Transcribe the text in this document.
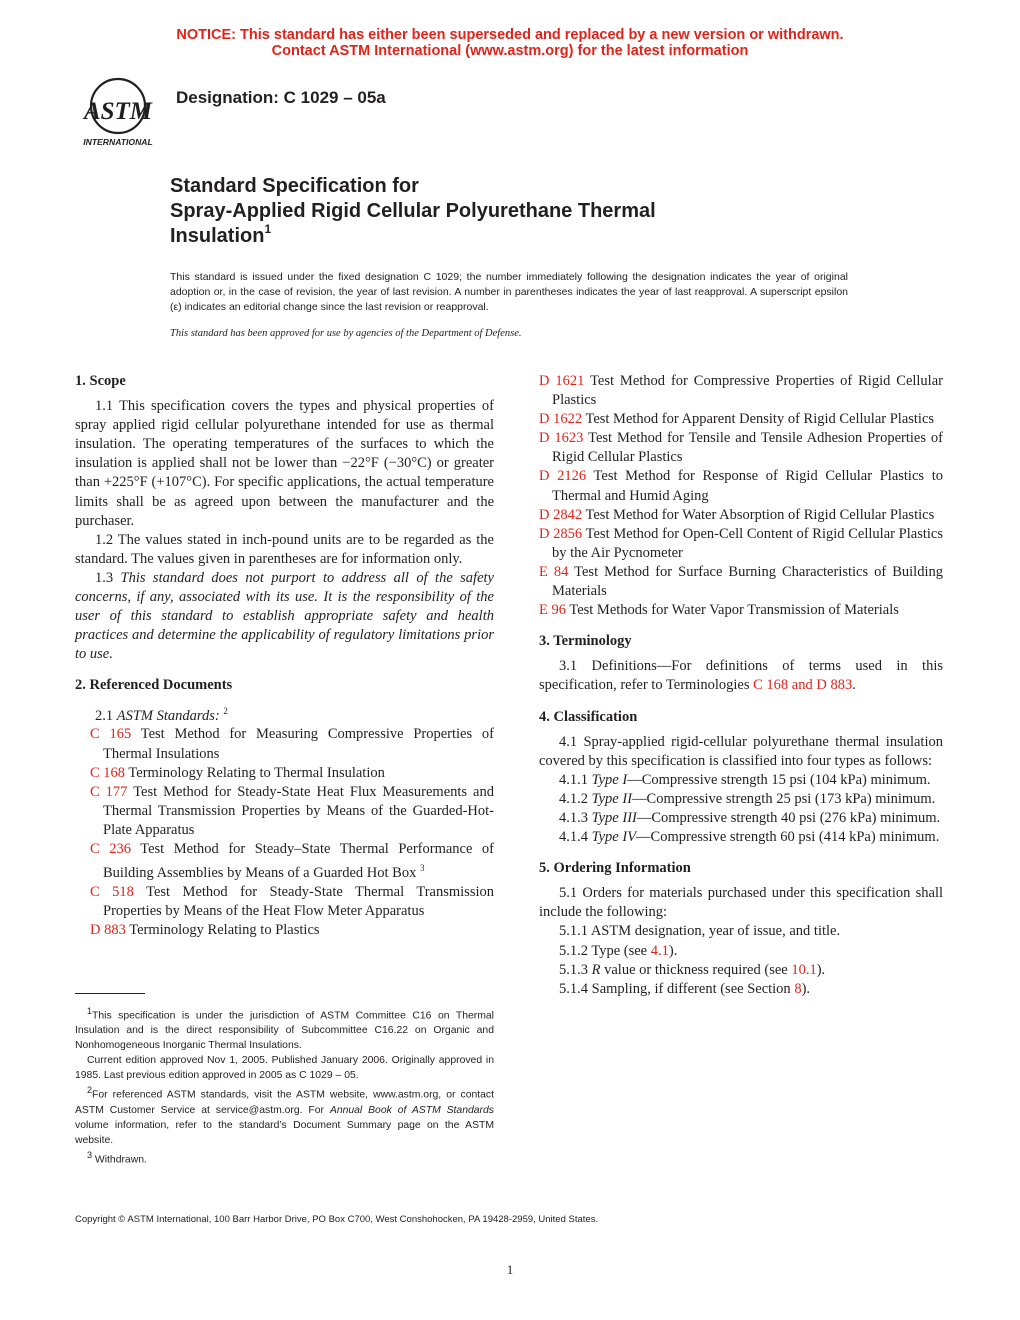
NOTICE: This standard has either been superseded and replaced by a new version or withdrawn.
Contact ASTM International (www.astm.org) for the latest information
ASTM
INTERNATIONAL
Designation: C 1029 – 05a
Standard Specification for
Spray-Applied Rigid Cellular Polyurethane Thermal
Insulation$^1$
This standard is issued under the fixed designation C 1029; the number immediately following the designation indicates the year of original adoption or, in the case of revision, the year of last revision. A number in parentheses indicates the year of last reapproval. A superscript epsilon (ε) indicates an editorial change since the last revision or reapproval.
This standard has been approved for use by agencies of the Department of Defense.
1. Scope
1.1 This specification covers the types and physical properties of spray applied rigid cellular polyurethane intended for use as thermal insulation. The operating temperatures of the surfaces to which the insulation is applied shall not be lower than −22°F (−30°C) or greater than +225°F (+107°C). For specific applications, the actual temperature limits shall be as agreed upon between the manufacturer and the purchaser.
1.2 The values stated in inch-pound units are to be regarded as the standard. The values given in parentheses are for information only.
1.3 This standard does not purport to address all of the safety concerns, if any, associated with its use. It is the responsibility of the user of this standard to establish appropriate safety and health practices and determine the applicability of regulatory limitations prior to use.
2. Referenced Documents
2.1 ASTM Standards: $^2$
C 165 Test Method for Measuring Compressive Properties of Thermal Insulations
C 168 Terminology Relating to Thermal Insulation
C 177 Test Method for Steady-State Heat Flux Measurements and Thermal Transmission Properties by Means of the Guarded-Hot-Plate Apparatus
C 236 Test Method for Steady–State Thermal Performance of Building Assemblies by Means of a Guarded Hot Box $^3$
C 518 Test Method for Steady-State Thermal Transmission Properties by Means of the Heat Flow Meter Apparatus
D 883 Terminology Relating to Plastics
$^1$This specification is under the jurisdiction of ASTM Committee C16 on Thermal Insulation and is the direct responsibility of Subcommittee C16.22 on Organic and Nonhomogeneous Inorganic Thermal Insulations.
Current edition approved Nov 1, 2005. Published January 2006. Originally approved in 1985. Last previous edition approved in 2005 as C 1029 – 05.
$^2$For referenced ASTM standards, visit the ASTM website, www.astm.org, or contact ASTM Customer Service at service@astm.org. For Annual Book of ASTM Standards volume information, refer to the standard’s Document Summary page on the ASTM website.
$^3$ Withdrawn.
D 1621 Test Method for Compressive Properties of Rigid Cellular Plastics
D 1622 Test Method for Apparent Density of Rigid Cellular Plastics
D 1623 Test Method for Tensile and Tensile Adhesion Properties of Rigid Cellular Plastics
D 2126 Test Method for Response of Rigid Cellular Plastics to Thermal and Humid Aging
D 2842 Test Method for Water Absorption of Rigid Cellular Plastics
D 2856 Test Method for Open-Cell Content of Rigid Cellular Plastics by the Air Pycnometer
E 84 Test Method for Surface Burning Characteristics of Building Materials
E 96 Test Methods for Water Vapor Transmission of Materials
3. Terminology
3.1 Definitions—For definitions of terms used in this specification, refer to Terminologies C 168 and D 883.
4. Classification
4.1 Spray-applied rigid-cellular polyurethane thermal insulation covered by this specification is classified into four types as follows:
4.1.1 Type I—Compressive strength 15 psi (104 kPa) minimum.
4.1.2 Type II—Compressive strength 25 psi (173 kPa) minimum.
4.1.3 Type III—Compressive strength 40 psi (276 kPa) minimum.
4.1.4 Type IV—Compressive strength 60 psi (414 kPa) minimum.
5. Ordering Information
5.1 Orders for materials purchased under this specification shall include the following:
5.1.1 ASTM designation, year of issue, and title.
5.1.2 Type (see 4.1).
5.1.3 R value or thickness required (see 10.1).
5.1.4 Sampling, if different (see Section 8).
Copyright © ASTM International, 100 Barr Harbor Drive, PO Box C700, West Conshohocken, PA 19428-2959, United States.
1
